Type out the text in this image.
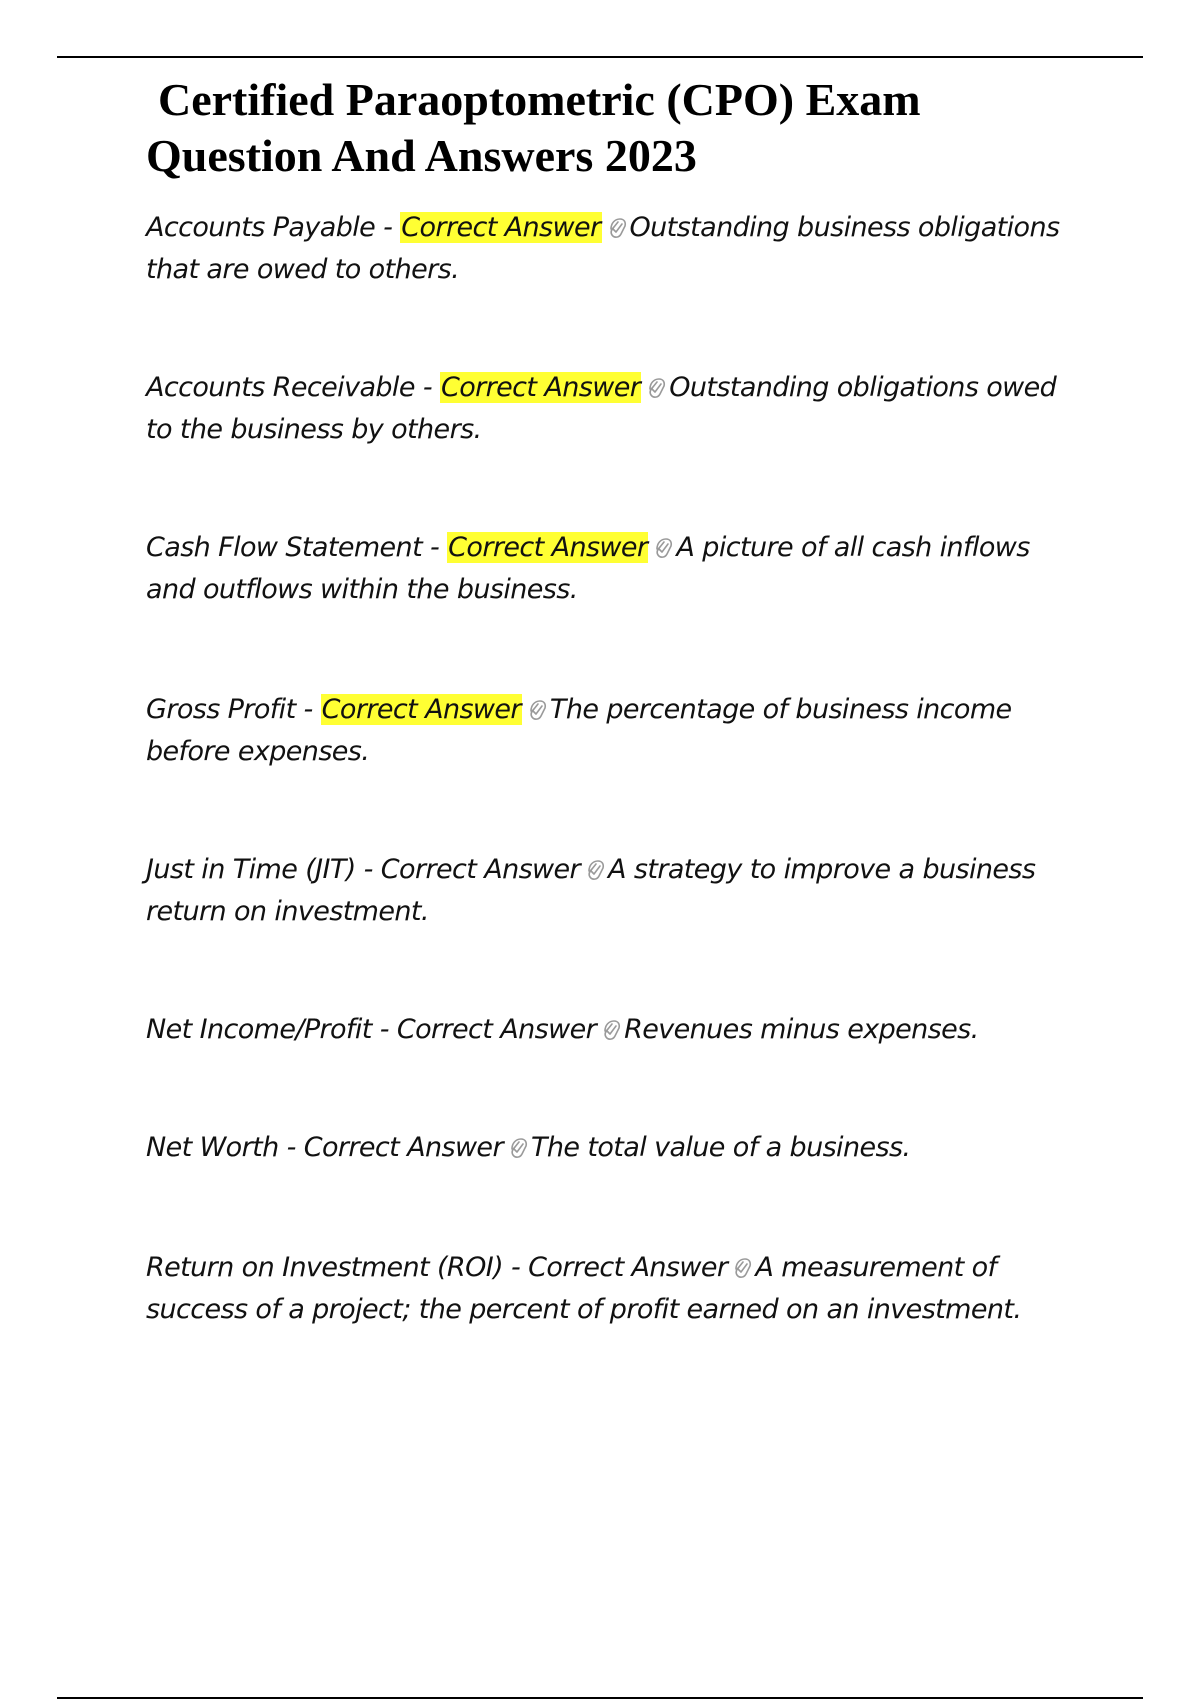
Certified Paraoptometric (CPO) Exam
Question And Answers 2023
Accounts Payable - Correct Answer Outstanding business obligations that are owed to others.
Accounts Receivable - Correct Answer Outstanding obligations owed to the business by others.
Cash Flow Statement - Correct Answer A picture of all cash inflows and outflows within the business.
Gross Profit - Correct Answer The percentage of business income before expenses.
Just in Time (JIT) - Correct Answer A strategy to improve a business return on investment.
Net Income/Profit - Correct Answer Revenues minus expenses.
Net Worth - Correct Answer The total value of a business.
Return on Investment (ROI) - Correct Answer A measurement of success of a project; the percent of profit earned on an investment.
